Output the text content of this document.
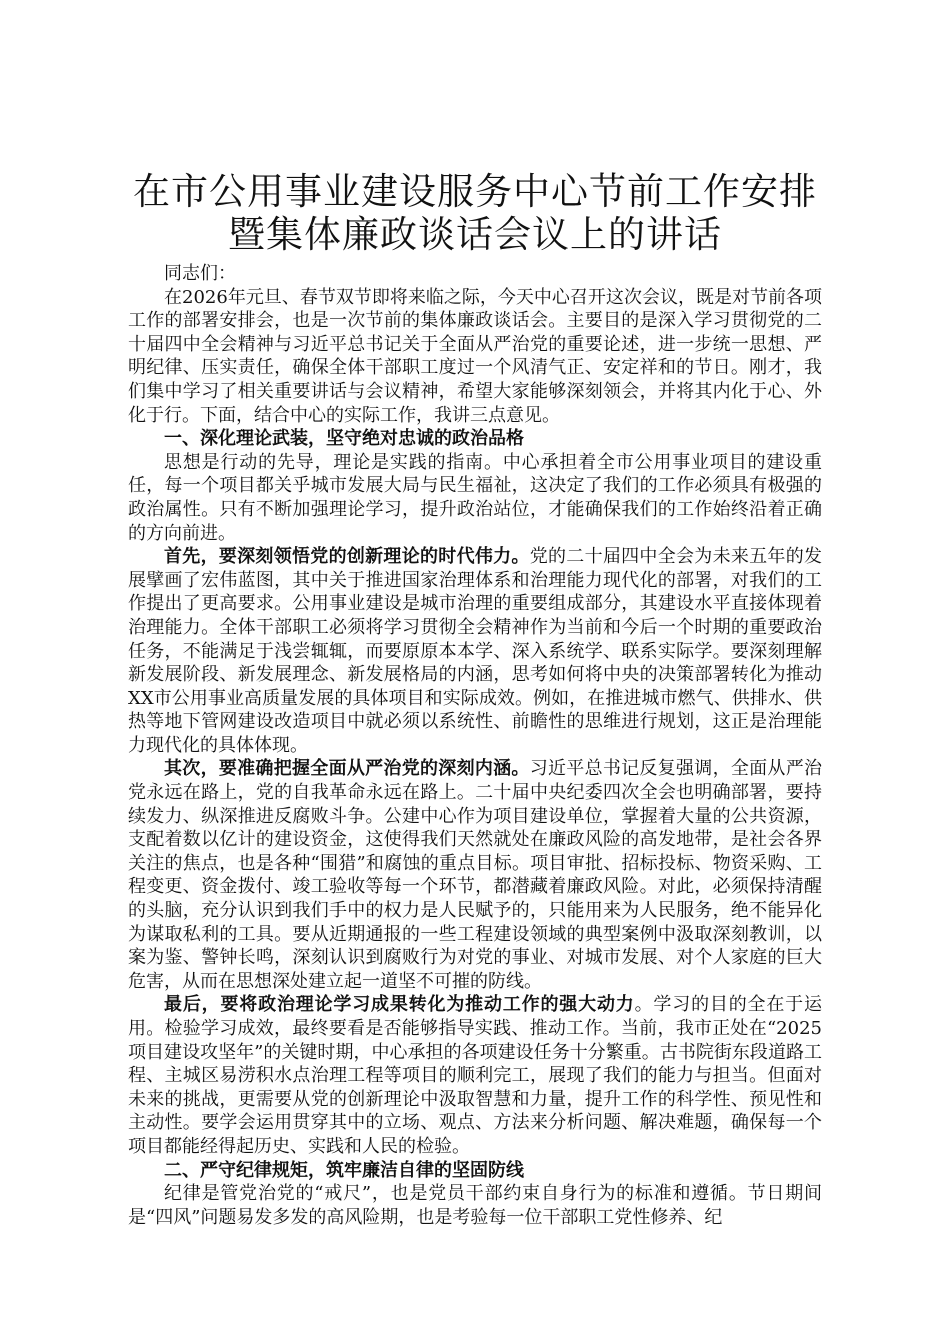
在市公用事业建设服务中心节前工作安排暨集体廉政谈话会议上的讲话

同志们：

在2026年元旦、春节双节即将来临之际，今天中心召开这次会议，既是对节前各项工作的部署安排会，也是一次节前的集体廉政谈话会。主要目的是深入学习贯彻党的二十届四中全会精神与习近平总书记关于全面从严治党的重要论述，进一步统一思想、严明纪律、压实责任，确保全体干部职工度过一个风清气正、安定祥和的节日。刚才，我们集中学习了相关重要讲话与会议精神，希望大家能够深刻领会，并将其内化于心、外化于行。下面，结合中心的实际工作，我讲三点意见。

一、深化理论武装，坚守绝对忠诚的政治品格

思想是行动的先导，理论是实践的指南。中心承担着全市公用事业项目的建设重任，每一个项目都关乎城市发展大局与民生福祉，这决定了我们的工作必须具有极强的政治属性。只有不断加强理论学习，提升政治站位，才能确保我们的工作始终沿着正确的方向前进。

首先，要深刻领悟党的创新理论的时代伟力。党的二十届四中全会为未来五年的发展擘画了宏伟蓝图，其中关于推进国家治理体系和治理能力现代化的部署，对我们的工作提出了更高要求。公用事业建设是城市治理的重要组成部分，其建设水平直接体现着治理能力。全体干部职工必须将学习贯彻全会精神作为当前和今后一个时期的重要政治任务，不能满足于浅尝辄辄，而要原原本本学、深入系统学、联系实际学。要深刻理解新发展阶段、新发展理念、新发展格局的内涵，思考如何将中央的决策部署转化为推动XX市公用事业高质量发展的具体项目和实际成效。例如，在推进城市燃气、供排水、供热等地下管网建设改造项目中就必须以系统性、前瞻性的思维进行规划，这正是治理能力现代化的具体体现。

其次，要准确把握全面从严治党的深刻内涵。习近平总书记反复强调，全面从严治党永远在路上，党的自我革命永远在路上。二十届中央纪委四次全会也明确部署，要持续发力、纵深推进反腐败斗争。公建中心作为项目建设单位，掌握着大量的公共资源，支配着数以亿计的建设资金，这使得我们天然就处在廉政风险的高发地带，是社会各界关注的焦点，也是各种“围猎”和腐蚀的重点目标。项目审批、招标投标、物资采购、工程变更、资金拨付、竣工验收等每一个环节，都潜藏着廉政风险。对此，必须保持清醒的头脑，充分认识到我们手中的权力是人民赋予的，只能用来为人民服务，绝不能异化为谋取私利的工具。要从近期通报的一些工程建设领域的典型案例中汲取深刻教训，以案为鉴、警钟长鸣，深刻认识到腐败行为对党的事业、对城市发展、对个人家庭的巨大危害，从而在思想深处建立起一道坚不可摧的防线。

最后，要将政治理论学习成果转化为推动工作的强大动力。学习的目的全在于运用。检验学习成效，最终要看是否能够指导实践、推动工作。当前，我市正处在“2025项目建设攻坚年”的关键时期，中心承担的各项建设任务十分繁重。古书院街东段道路工程、主城区易涝积水点治理工程等项目的顺利完工，展现了我们的能力与担当。但面对未来的挑战，更需要从党的创新理论中汲取智慧和力量，提升工作的科学性、预见性和主动性。要学会运用贯穿其中的立场、观点、方法来分析问题、解决难题，确保每一个项目都能经得起历史、实践和人民的检验。

二、严守纪律规矩，筑牢廉洁自律的坚固防线

纪律是管党治党的“戒尺”，也是党员干部约束自身行为的标准和遵循。节日期间是“四风”问题易发多发的高风险期，也是考验每一位干部职工党性修养、纪
